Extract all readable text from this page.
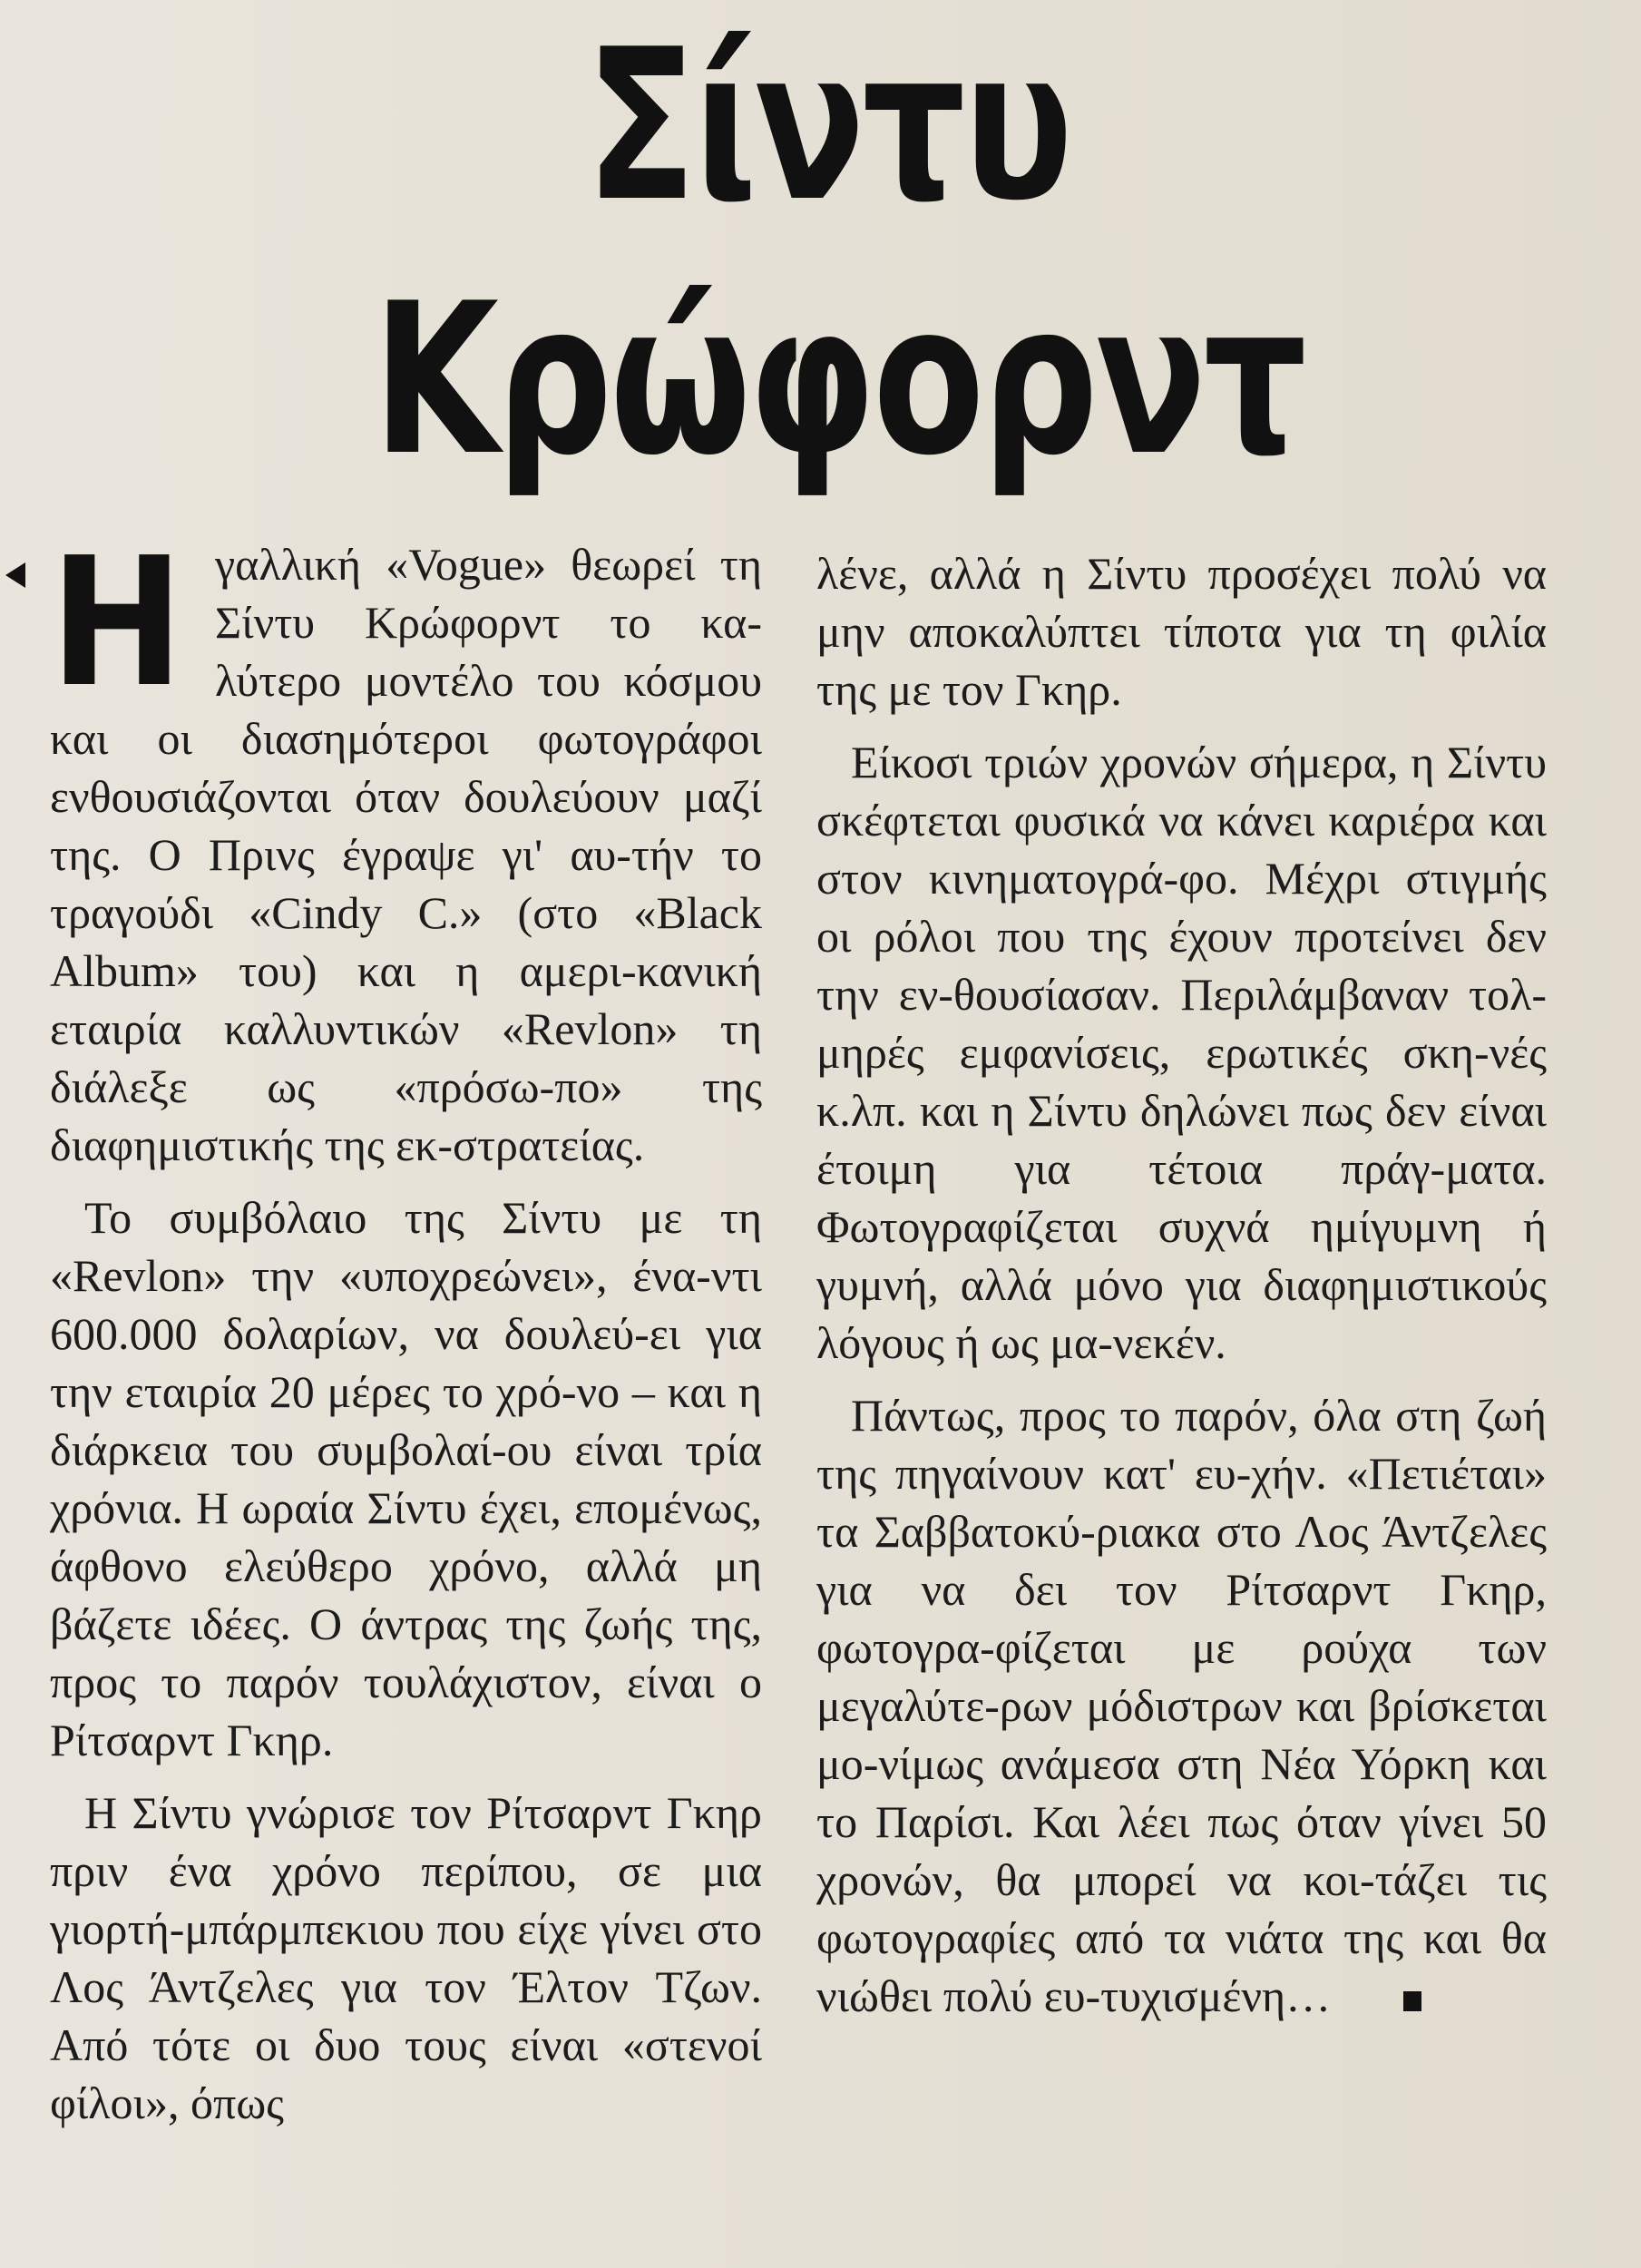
Σίντυ
Κρώφορντ

Ηγαλλική «Vogue» θεωρεί τη Σίντυ Κρώφορντ το κα-λύτερο μοντέλο του κόσμου και οι διασημότεροι φωτογράφοι ενθουσιάζονται όταν δουλεύουν μαζί της. Ο Πρινς έγραψε γι' αυ-τήν το τραγούδι «Cindy C.» (στο «Black Album» του) και η αμερι-κανική εταιρία καλλυντικών «Revlon» τη διάλεξε ως «πρόσω-πο» της διαφημιστικής της εκ-στρατείας.

Το συμβόλαιο της Σίντυ με τη «Revlon» την «υποχρεώνει», ένα-ντι 600.000 δολαρίων, να δουλεύ-ει για την εταιρία 20 μέρες το χρό-νο – και η διάρκεια του συμβολαί-ου είναι τρία χρόνια. Η ωραία Σίντυ έχει, επομένως, άφθονο ελεύθερο χρόνο, αλλά μη βάζετε ιδέες. Ο άντρας της ζωής της, προς το παρόν τουλάχιστον, είναι ο Ρίτσαρντ Γκηρ.

Η Σίντυ γνώρισε τον Ρίτσαρντ Γκηρ πριν ένα χρόνο περίπου, σε μια γιορτή-μπάρμπεκιου που είχε γίνει στο Λος Άντζελες για τον Έλτον Τζων. Από τότε οι δυο τους είναι «στενοί φίλοι», όπως

λένε, αλλά η Σίντυ προσέχει πολύ να μην αποκαλύπτει τίποτα για τη φιλία της με τον Γκηρ.

Είκοσι τριών χρονών σήμερα, η Σίντυ σκέφτεται φυσικά να κάνει καριέρα και στον κινηματογρά-φο. Μέχρι στιγμής οι ρόλοι που της έχουν προτείνει δεν την εν-θουσίασαν. Περιλάμβαναν τολ-μηρές εμφανίσεις, ερωτικές σκη-νές κ.λπ. και η Σίντυ δηλώνει πως δεν είναι έτοιμη για τέτοια πράγ-ματα. Φωτογραφίζεται συχνά ημίγυμνη ή γυμνή, αλλά μόνο για διαφημιστικούς λόγους ή ως μα-νεκέν.

Πάντως, προς το παρόν, όλα στη ζωή της πηγαίνουν κατ' ευ-χήν. «Πετιέται» τα Σαββατοκύ-ριακα στο Λος Άντζελες για να δει τον Ρίτσαρντ Γκηρ, φωτογρα-φίζεται με ρούχα των μεγαλύτε-ρων μόδιστρων και βρίσκεται μο-νίμως ανάμεσα στη Νέα Υόρκη και το Παρίσι. Και λέει πως όταν γίνει 50 χρονών, θα μπορεί να κοι-τάζει τις φωτογραφίες από τα νιάτα της και θα νιώθει πολύ ευ-τυχισμένη…
